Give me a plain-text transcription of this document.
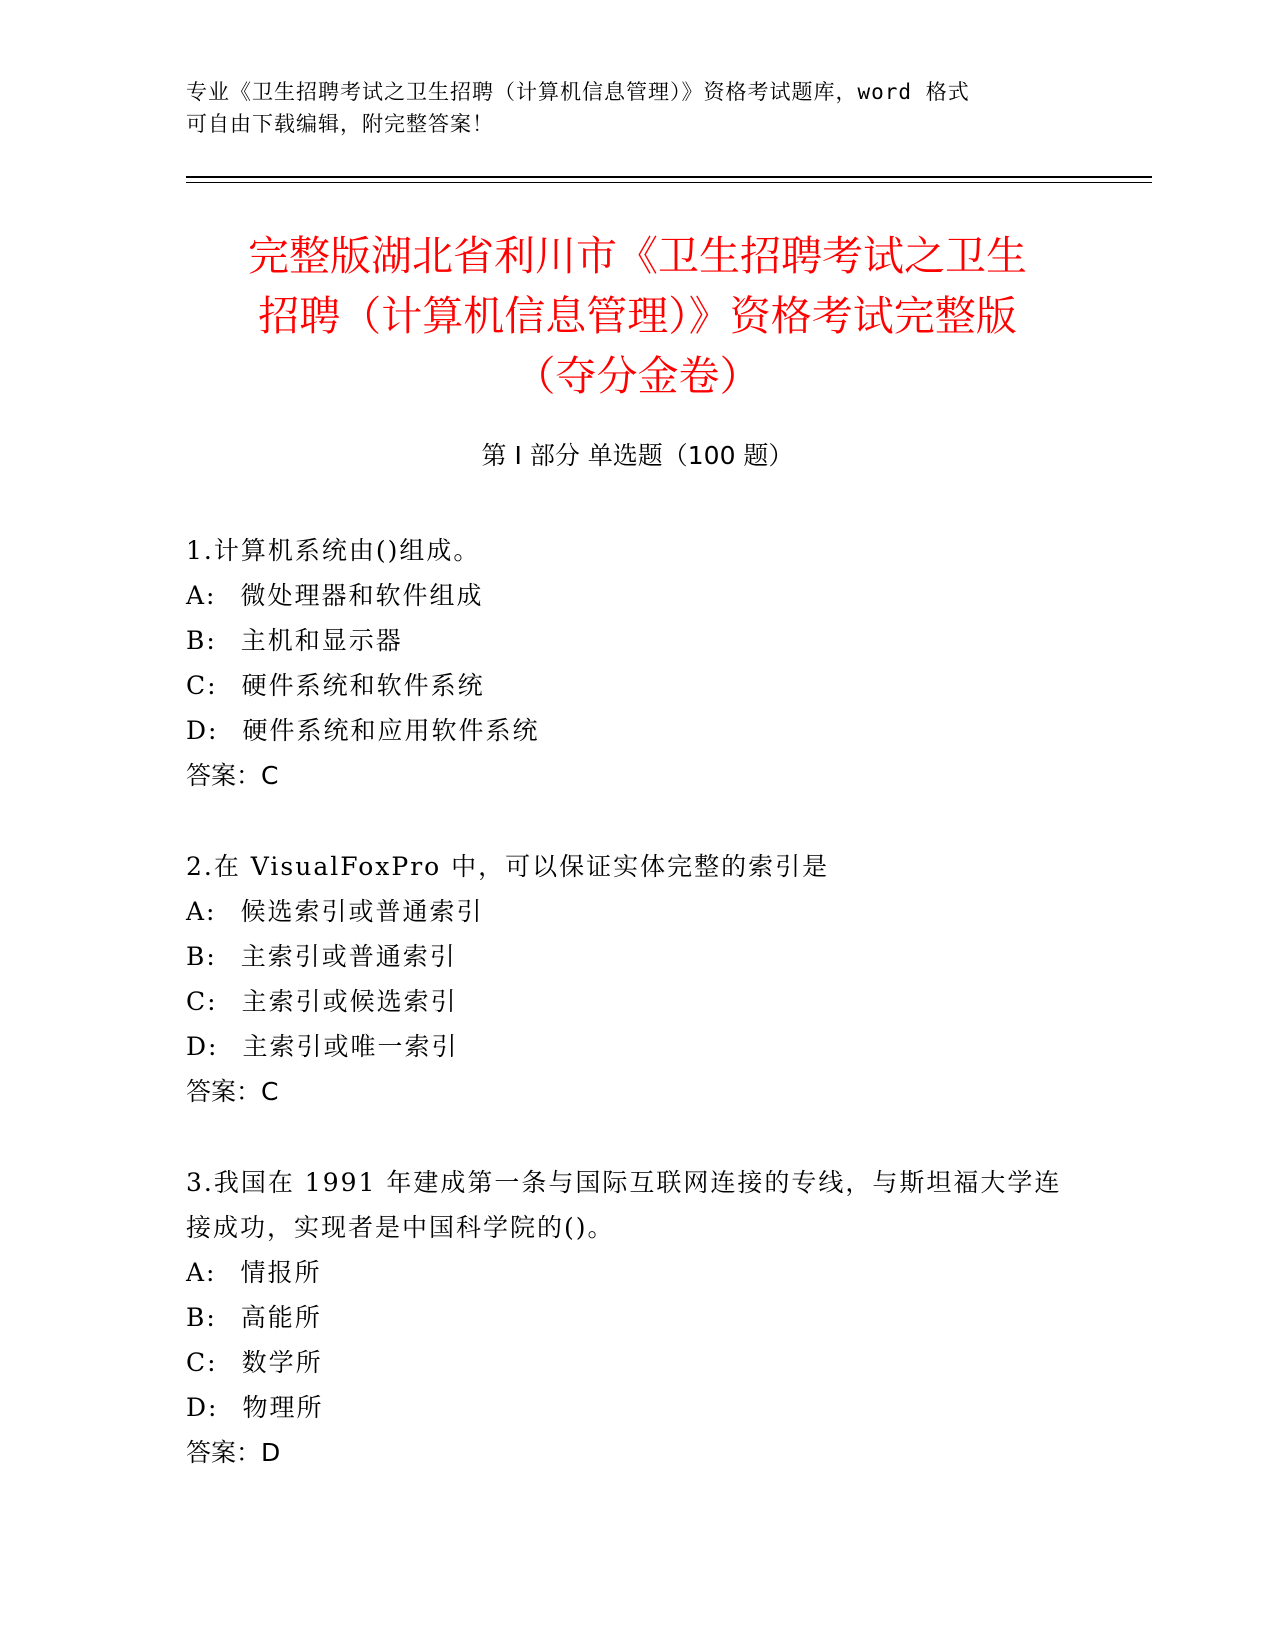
专业《卫生招聘考试之卫生招聘（计算机信息管理）》资格考试题库，word 格式
可自由下载编辑，附完整答案！
完整版湖北省利川市《卫生招聘考试之卫生
招聘（计算机信息管理）》资格考试完整版
（夺分金卷）
第 I 部分 单选题（100 题）
1.计算机系统由()组成。
A: 微处理器和软件组成
B: 主机和显示器
C: 硬件系统和软件系统
D: 硬件系统和应用软件系统
答案：C
2.在 VisualFoxPro 中，可以保证实体完整的索引是
A: 候选索引或普通索引
B: 主索引或普通索引
C: 主索引或候选索引
D: 主索引或唯一索引
答案：C
3.我国在 1991 年建成第一条与国际互联网连接的专线，与斯坦福大学连接成功，实现者是中国科学院的()。
A: 情报所
B: 高能所
C: 数学所
D: 物理所
答案：D
